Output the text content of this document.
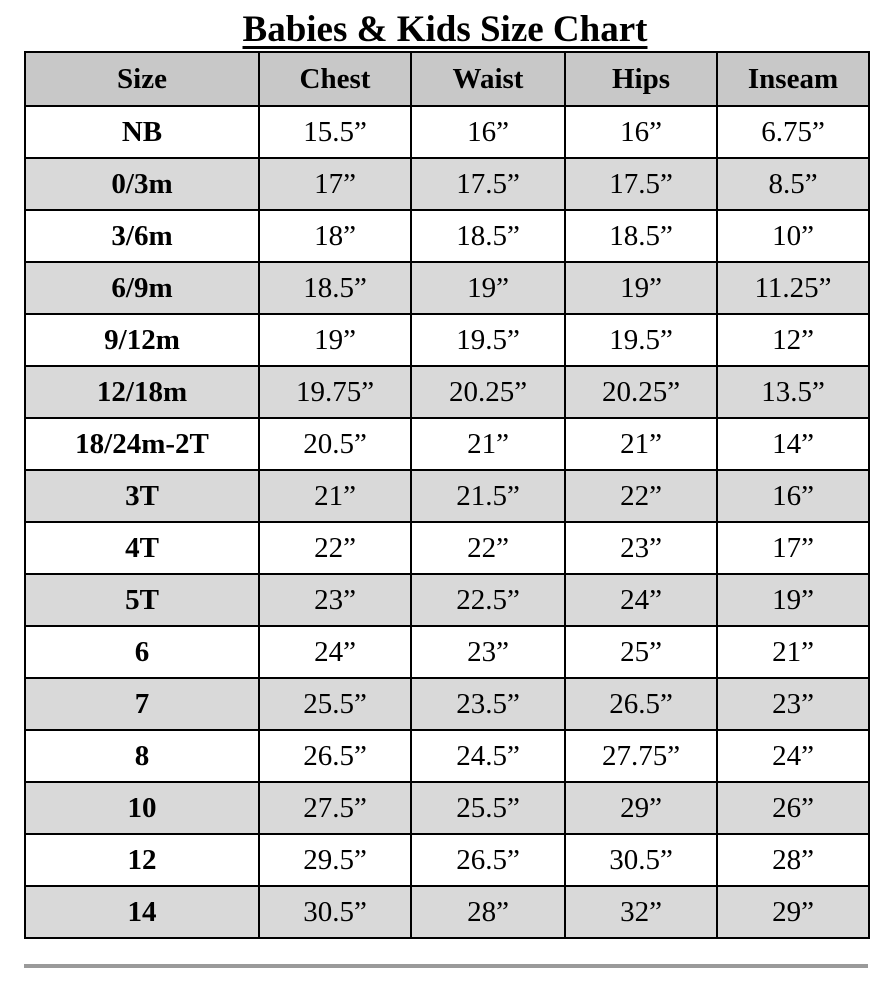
Babies & Kids Size Chart
Size	Chest	Waist	Hips	Inseam
NB	15.5”	16”	16”	6.75”
0/3m	17”	17.5”	17.5”	8.5”
3/6m	18”	18.5”	18.5”	10”
6/9m	18.5”	19”	19”	11.25”
9/12m	19”	19.5”	19.5”	12”
12/18m	19.75”	20.25”	20.25”	13.5”
18/24m-2T	20.5”	21”	21”	14”
3T	21”	21.5”	22”	16”
4T	22”	22”	23”	17”
5T	23”	22.5”	24”	19”
6	24”	23”	25”	21”
7	25.5”	23.5”	26.5”	23”
8	26.5”	24.5”	27.75”	24”
10	27.5”	25.5”	29”	26”
12	29.5”	26.5”	30.5”	28”
14	30.5”	28”	32”	29”
